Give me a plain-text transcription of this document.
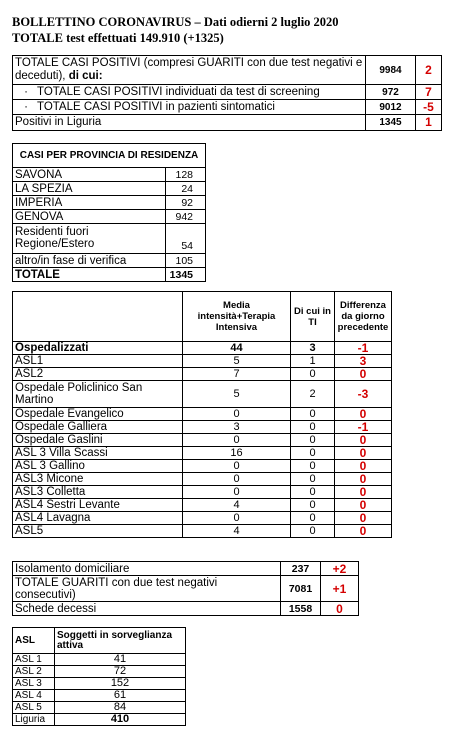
BOLLETTINO CORONAVIRUS – Dati odierni 2 luglio 2020
TOTALE test effettuati 149.910 (+1325)
TOTALE CASI POSITIVI (compresi GUARITI con due test negativi e deceduti), di cui:	9984	2
· TOTALE CASI POSITIVI individuati da test di screening	972	7
· TOTALE CASI POSITIVI in pazienti sintomatici	9012	-5
Positivi in Liguria	1345	1
CASI PER PROVINCIA DI RESIDENZA	
SAVONA	128
LA SPEZIA	24
IMPERIA	92
GENOVA	942
Residenti fuori Regione/Estero	54
altro/in fase di verifica	105
TOTALE	1345
	Media intensità+Terapia Intensiva	Di cui in TI	Differenza da giorno precedente
Ospedalizzati	44	3	-1
ASL1	5	1	3
ASL2	7	0	0
Ospedale Policlinico San Martino	5	2	-3
Ospedale Evangelico	0	0	0
Ospedale Galliera	3	0	-1
Ospedale Gaslini	0	0	0
ASL 3 Villa Scassi	16	0	0
ASL 3 Gallino	0	0	0
ASL3 Micone	0	0	0
ASL3 Colletta	0	0	0
ASL4 Sestri Levante	4	0	0
ASL4 Lavagna	0	0	0
ASL5	4	0	0
Isolamento domiciliare	237	+2
TOTALE GUARITI con due test negativi consecutivi)	7081	+1
Schede decessi	1558	0
ASL	Soggetti in sorveglianza attiva
ASL 1	41
ASL 2	72
ASL 3	152
ASL 4	61
ASL 5	84
Liguria	410
